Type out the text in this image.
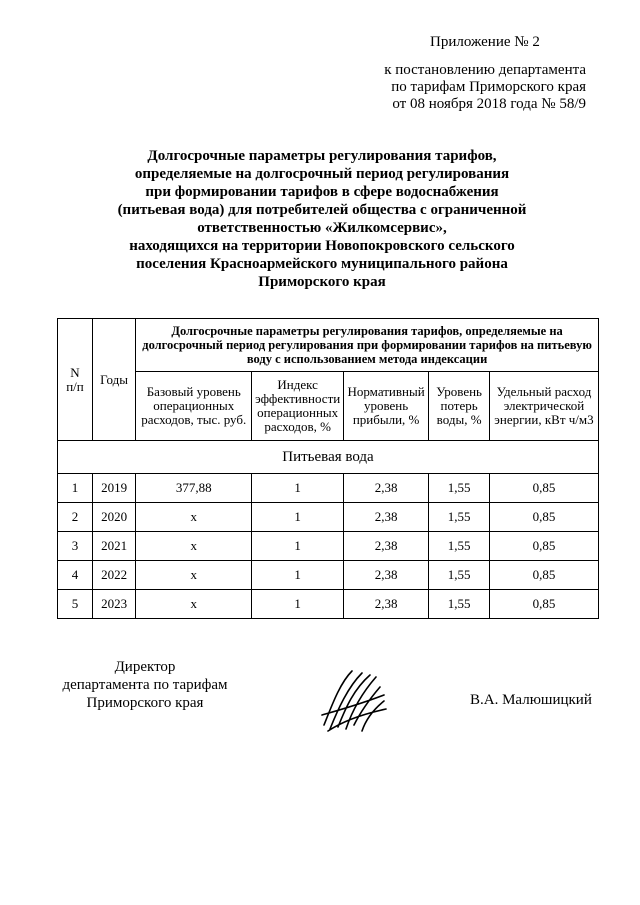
Приложение № 2
к постановлению департамента
по тарифам Приморского края
от 08 ноября 2018 года № 58/9
Долгосрочные параметры регулирования тарифов,
определяемые на долгосрочный период регулирования
при формировании тарифов в сфере водоснабжения
(питьевая вода) для потребителей общества с ограниченной
ответственностью «Жилкомсервис»,
находящихся на территории Новопокровского сельского
поселения Красноармейского муниципального района
Приморского края
N
п/п	Годы	Долгосрочные параметры регулирования тарифов, определяемые на долгосрочный период регулирования при формировании тарифов на питьевую воду с использованием метода индексации				
		Базовый уровень операционных расходов, тыс. руб.	Индекс эффективности операционных расходов, %	Нормативный уровень прибыли, %	Уровень потерь воды, %	Удельный расход электрической энергии, кВт ч/м3
Питьевая вода						
1	2019	377,88	1	2,38	1,55	0,85
2	2020	х	1	2,38	1,55	0,85
3	2021	х	1	2,38	1,55	0,85
4	2022	х	1	2,38	1,55	0,85
5	2023	х	1	2,38	1,55	0,85
Директор
департамента по тарифам
Приморского края	В.А. Малюшицкий
